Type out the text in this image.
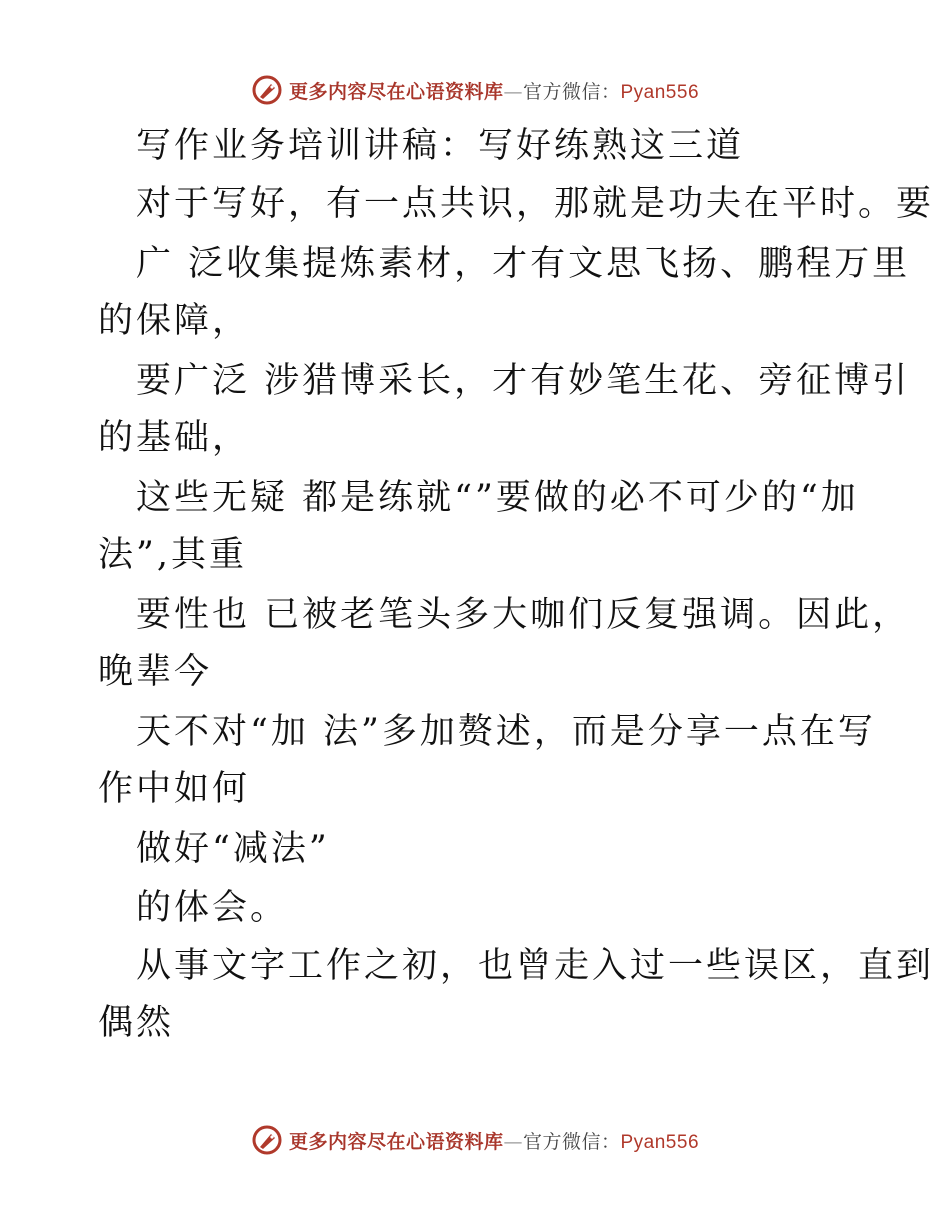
更多内容尽在心语资料库—官方微信：Pyan556
写作业务培训讲稿：写好练熟这三道
对于写好，有一点共识，那就是功夫在平时。要
广 泛收集提炼素材，才有文思飞扬、鹏程万里
的保障，
要广泛 涉猎博采长，才有妙笔生花、旁征博引
的基础，
这些无疑 都是练就“”要做的必不可少的“加
法”,其重
要性也 已被老笔头多大咖们反复强调。因此，
晚辈今
天不对“加 法”多加赘述，而是分享一点在写
作中如何
做好“减法”
的体会。
从事文字工作之初，也曾走入过一些误区，直到
偶然
更多内容尽在心语资料库—官方微信：Pyan556
